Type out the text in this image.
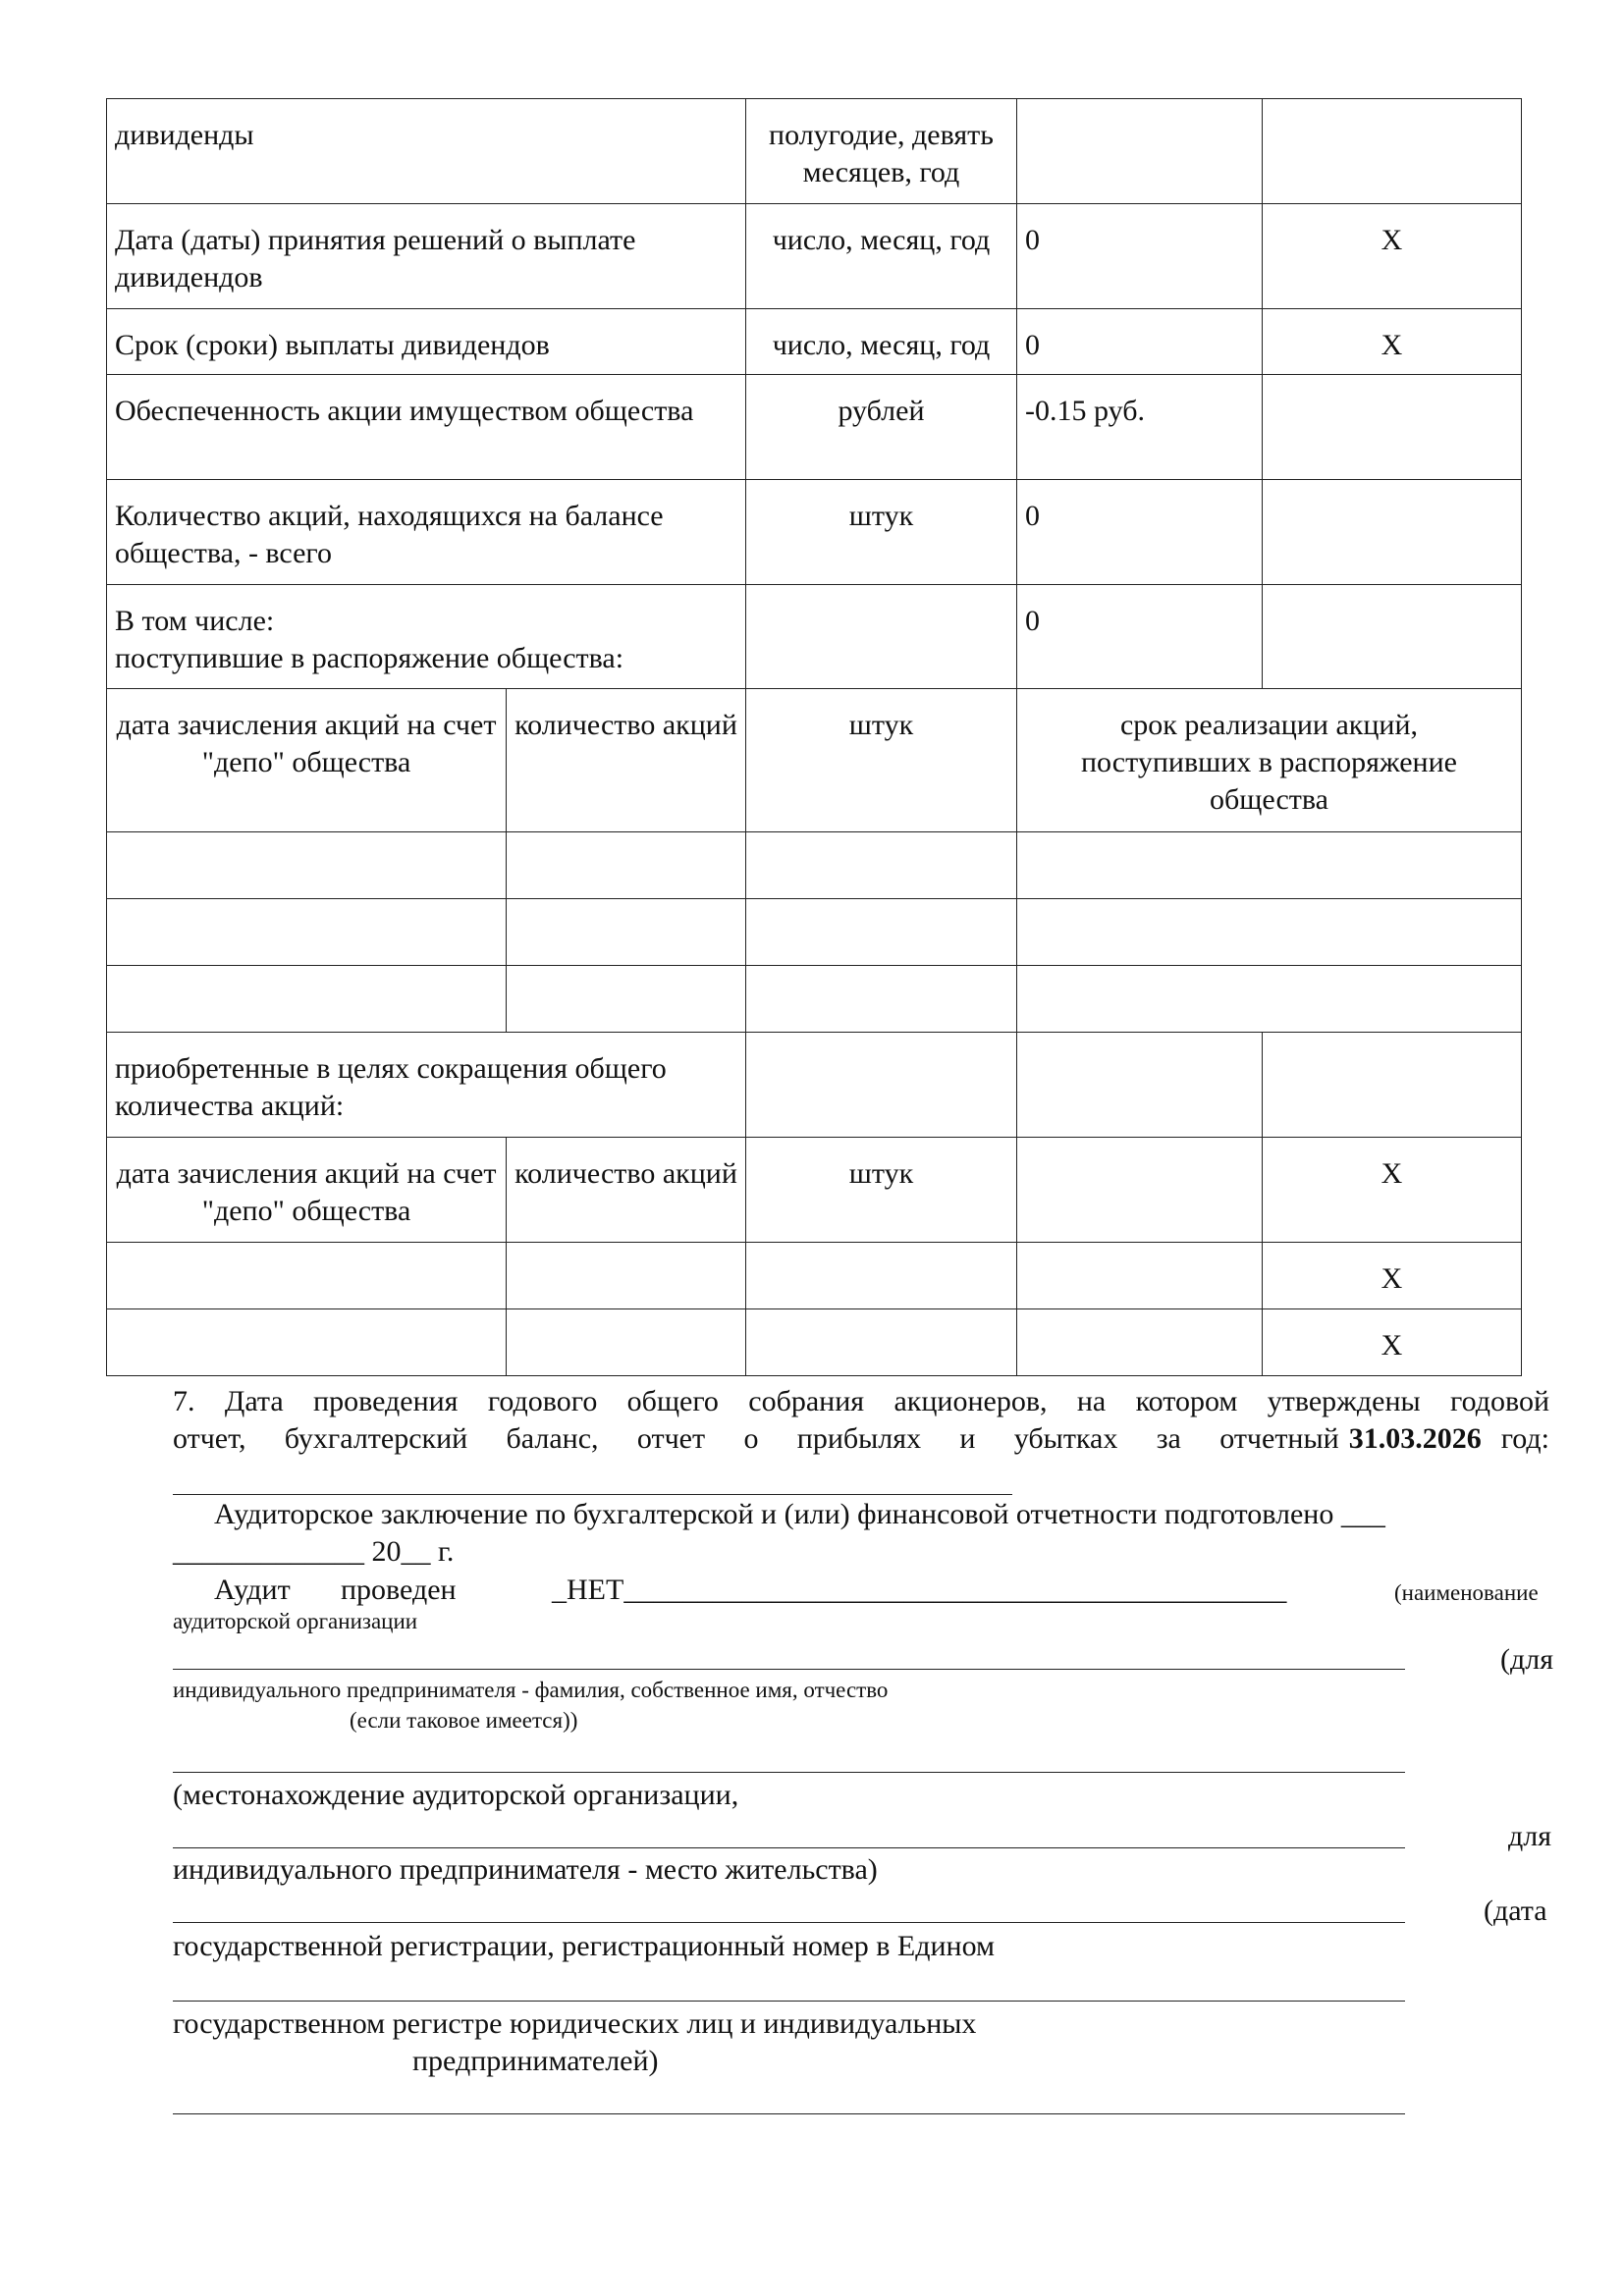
дивиденды		полугодие, девять месяцев, год		
Дата (даты) принятия решений о выплате дивидендов		число, месяц, год	0	X
Срок (сроки) выплаты дивидендов		число, месяц, год	0	X
Обеспеченность акции имуществом общества		рублей	-0.15 руб.	
Количество акций, находящихся на балансе общества, - всего		штук	0	

В том числе:
поступившие в распоряжение общества:			0	
дата зачисления акций на счет "депо" общества	количество акций	штук	срок реализации акций, поступивших в распоряжение общества	

приобретенные в целях сокращения общего количества акций:				
дата зачисления акций на счет "депо" общества	количество акций	штук		X
				X
				X
7. Дата проведения годового общего собрания акционеров, на котором утверждены годовой
отчет, бухгалтерский баланс, отчет о прибылях и убытках за отчетный 31.03.2026 год:
Аудиторское заключение по бухгалтерской и (или) финансовой отчетности подготовлено ___
_____________ 20__ г.
Аудит проведен	_НЕТ_____________________________________________	(наименование
аудиторской организации
(для
индивидуального предпринимателя - фамилия, собственное имя, отчество
(если таковое имеется))
(местонахождение аудиторской организации,
для
индивидуального предпринимателя - место жительства)
(дата
государственной регистрации, регистрационный номер в Едином
государственном регистре юридических лиц и индивидуальных
предпринимателей)
